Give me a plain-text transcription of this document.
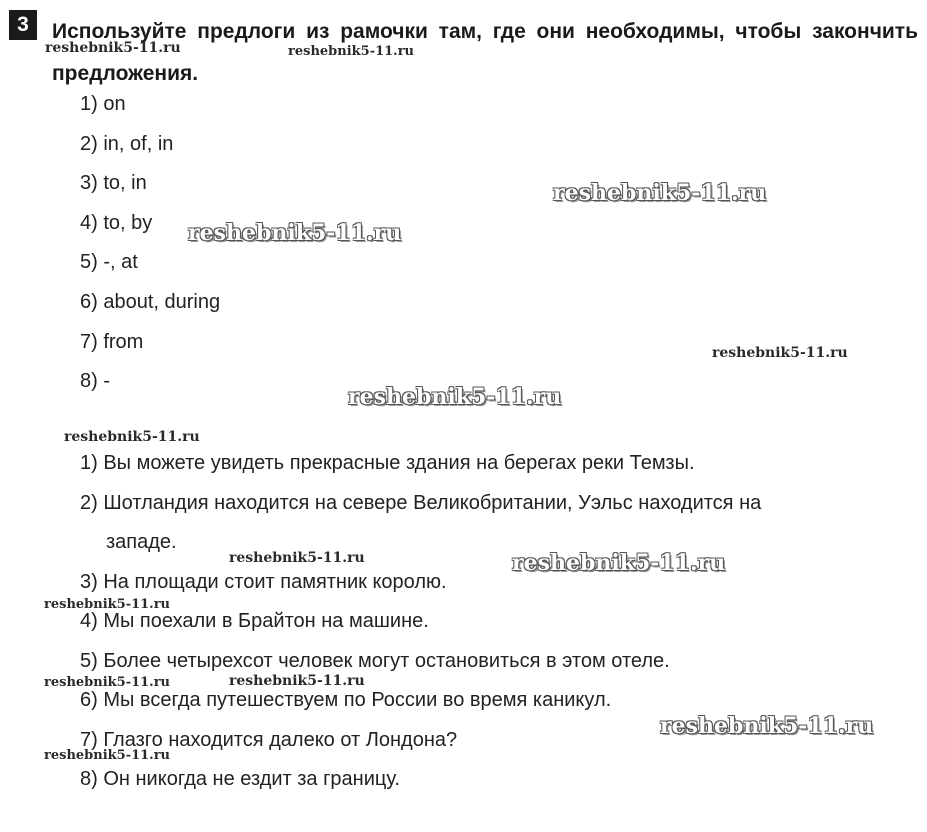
3	Используйте предлоги из рамочки там, где они необходимы, чтобы закончить предложения.
1) on
2) in, of, in
3) to, in
4) to, by
5) -, at
6) about, during
7) from
8) -
1) Вы можете увидеть прекрасные здания на берегах реки Темзы.
2) Шотландия находится на севере Великобритании, Уэльс находится на
западе.
3) На площади стоит памятник королю.
4) Мы поехали в Брайтон на машине.
5) Более четырехсот человек могут остановиться в этом отеле.
6) Мы всегда путешествуем по России во время каникул.
7) Глазго находится далеко от Лондона?
8) Он никогда не ездит за границу.
reshebnik5-11.ru	reshebnik5-11.ru
reshebnik5-11.ru
reshebnik5-11.ru
reshebnik5-11.ru
reshebnik5-11.ru
reshebnik5-11.ru
reshebnik5-11.ru	reshebnik5-11.ru
reshebnik5-11.ru
reshebnik5-11.ru	reshebnik5-11.ru
reshebnik5-11.ru
reshebnik5-11.ru
